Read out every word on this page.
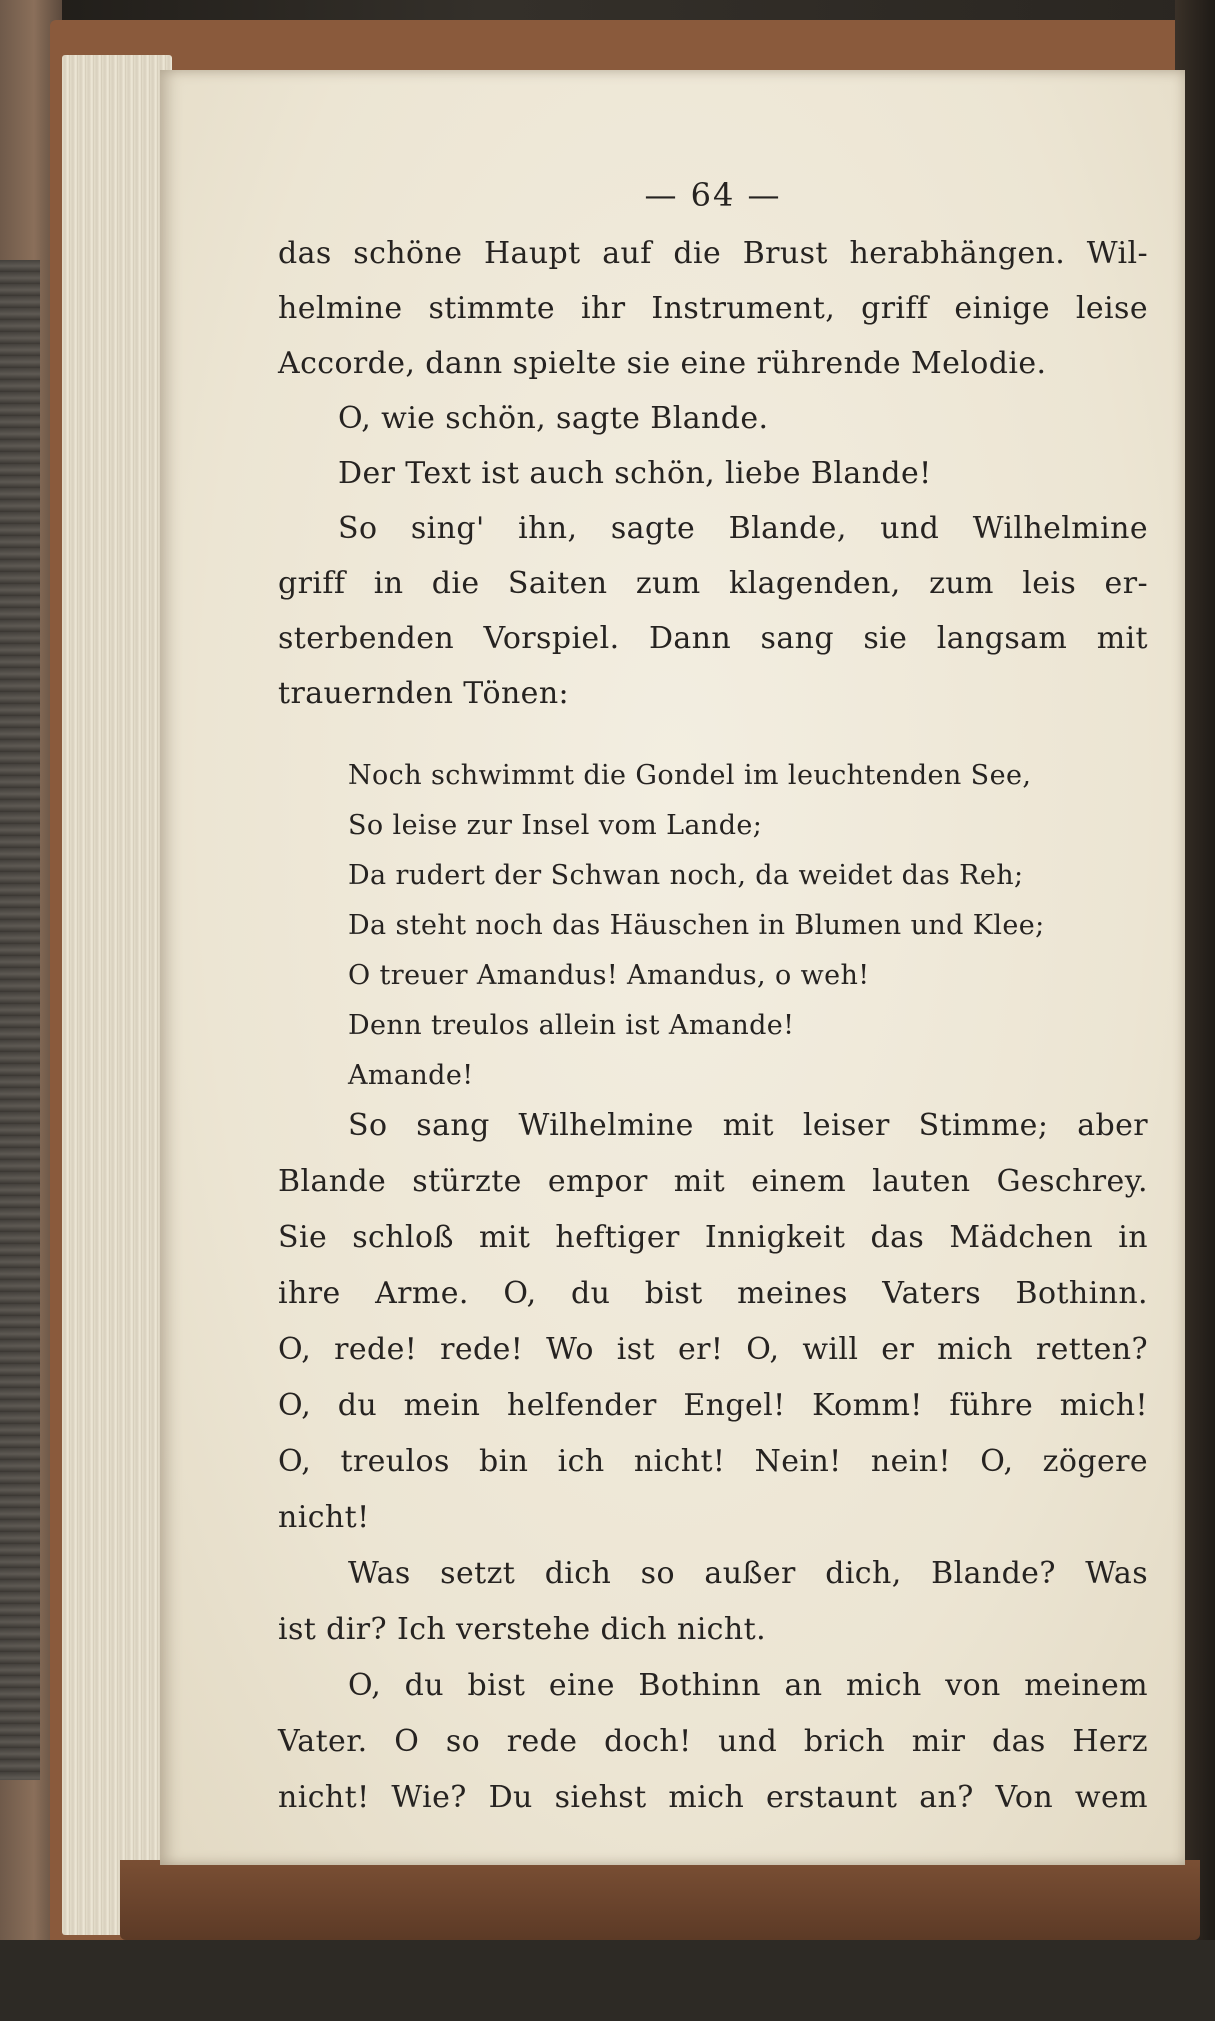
— 64 —
das schöne Haupt auf die Brust herabhängen. Wil-
helmine stimmte ihr Instrument, griff einige leise
Accorde, dann spielte sie eine rührende Melodie.
O, wie schön, sagte Blande.
Der Text ist auch schön, liebe Blande!
So sing' ihn, sagte Blande, und Wilhelmine
griff in die Saiten zum klagenden, zum leis er-
sterbenden Vorspiel. Dann sang sie langsam mit
trauernden Tönen:
Noch schwimmt die Gondel im leuchtenden See,
So leise zur Insel vom Lande;
Da rudert der Schwan noch, da weidet das Reh;
Da steht noch das Häuschen in Blumen und Klee;
O treuer Amandus! Amandus, o weh!
Denn treulos allein ist Amande!
Amande!
So sang Wilhelmine mit leiser Stimme; aber
Blande stürzte empor mit einem lauten Geschrey.
Sie schloß mit heftiger Innigkeit das Mädchen in
ihre Arme. O, du bist meines Vaters Bothinn.
O, rede! rede! Wo ist er! O, will er mich retten?
O, du mein helfender Engel! Komm! führe mich!
O, treulos bin ich nicht! Nein! nein! O, zögere
nicht!
Was setzt dich so außer dich, Blande? Was
ist dir? Ich verstehe dich nicht.
O, du bist eine Bothinn an mich von meinem
Vater. O so rede doch! und brich mir das Herz
nicht! Wie? Du siehst mich erstaunt an? Von wem
